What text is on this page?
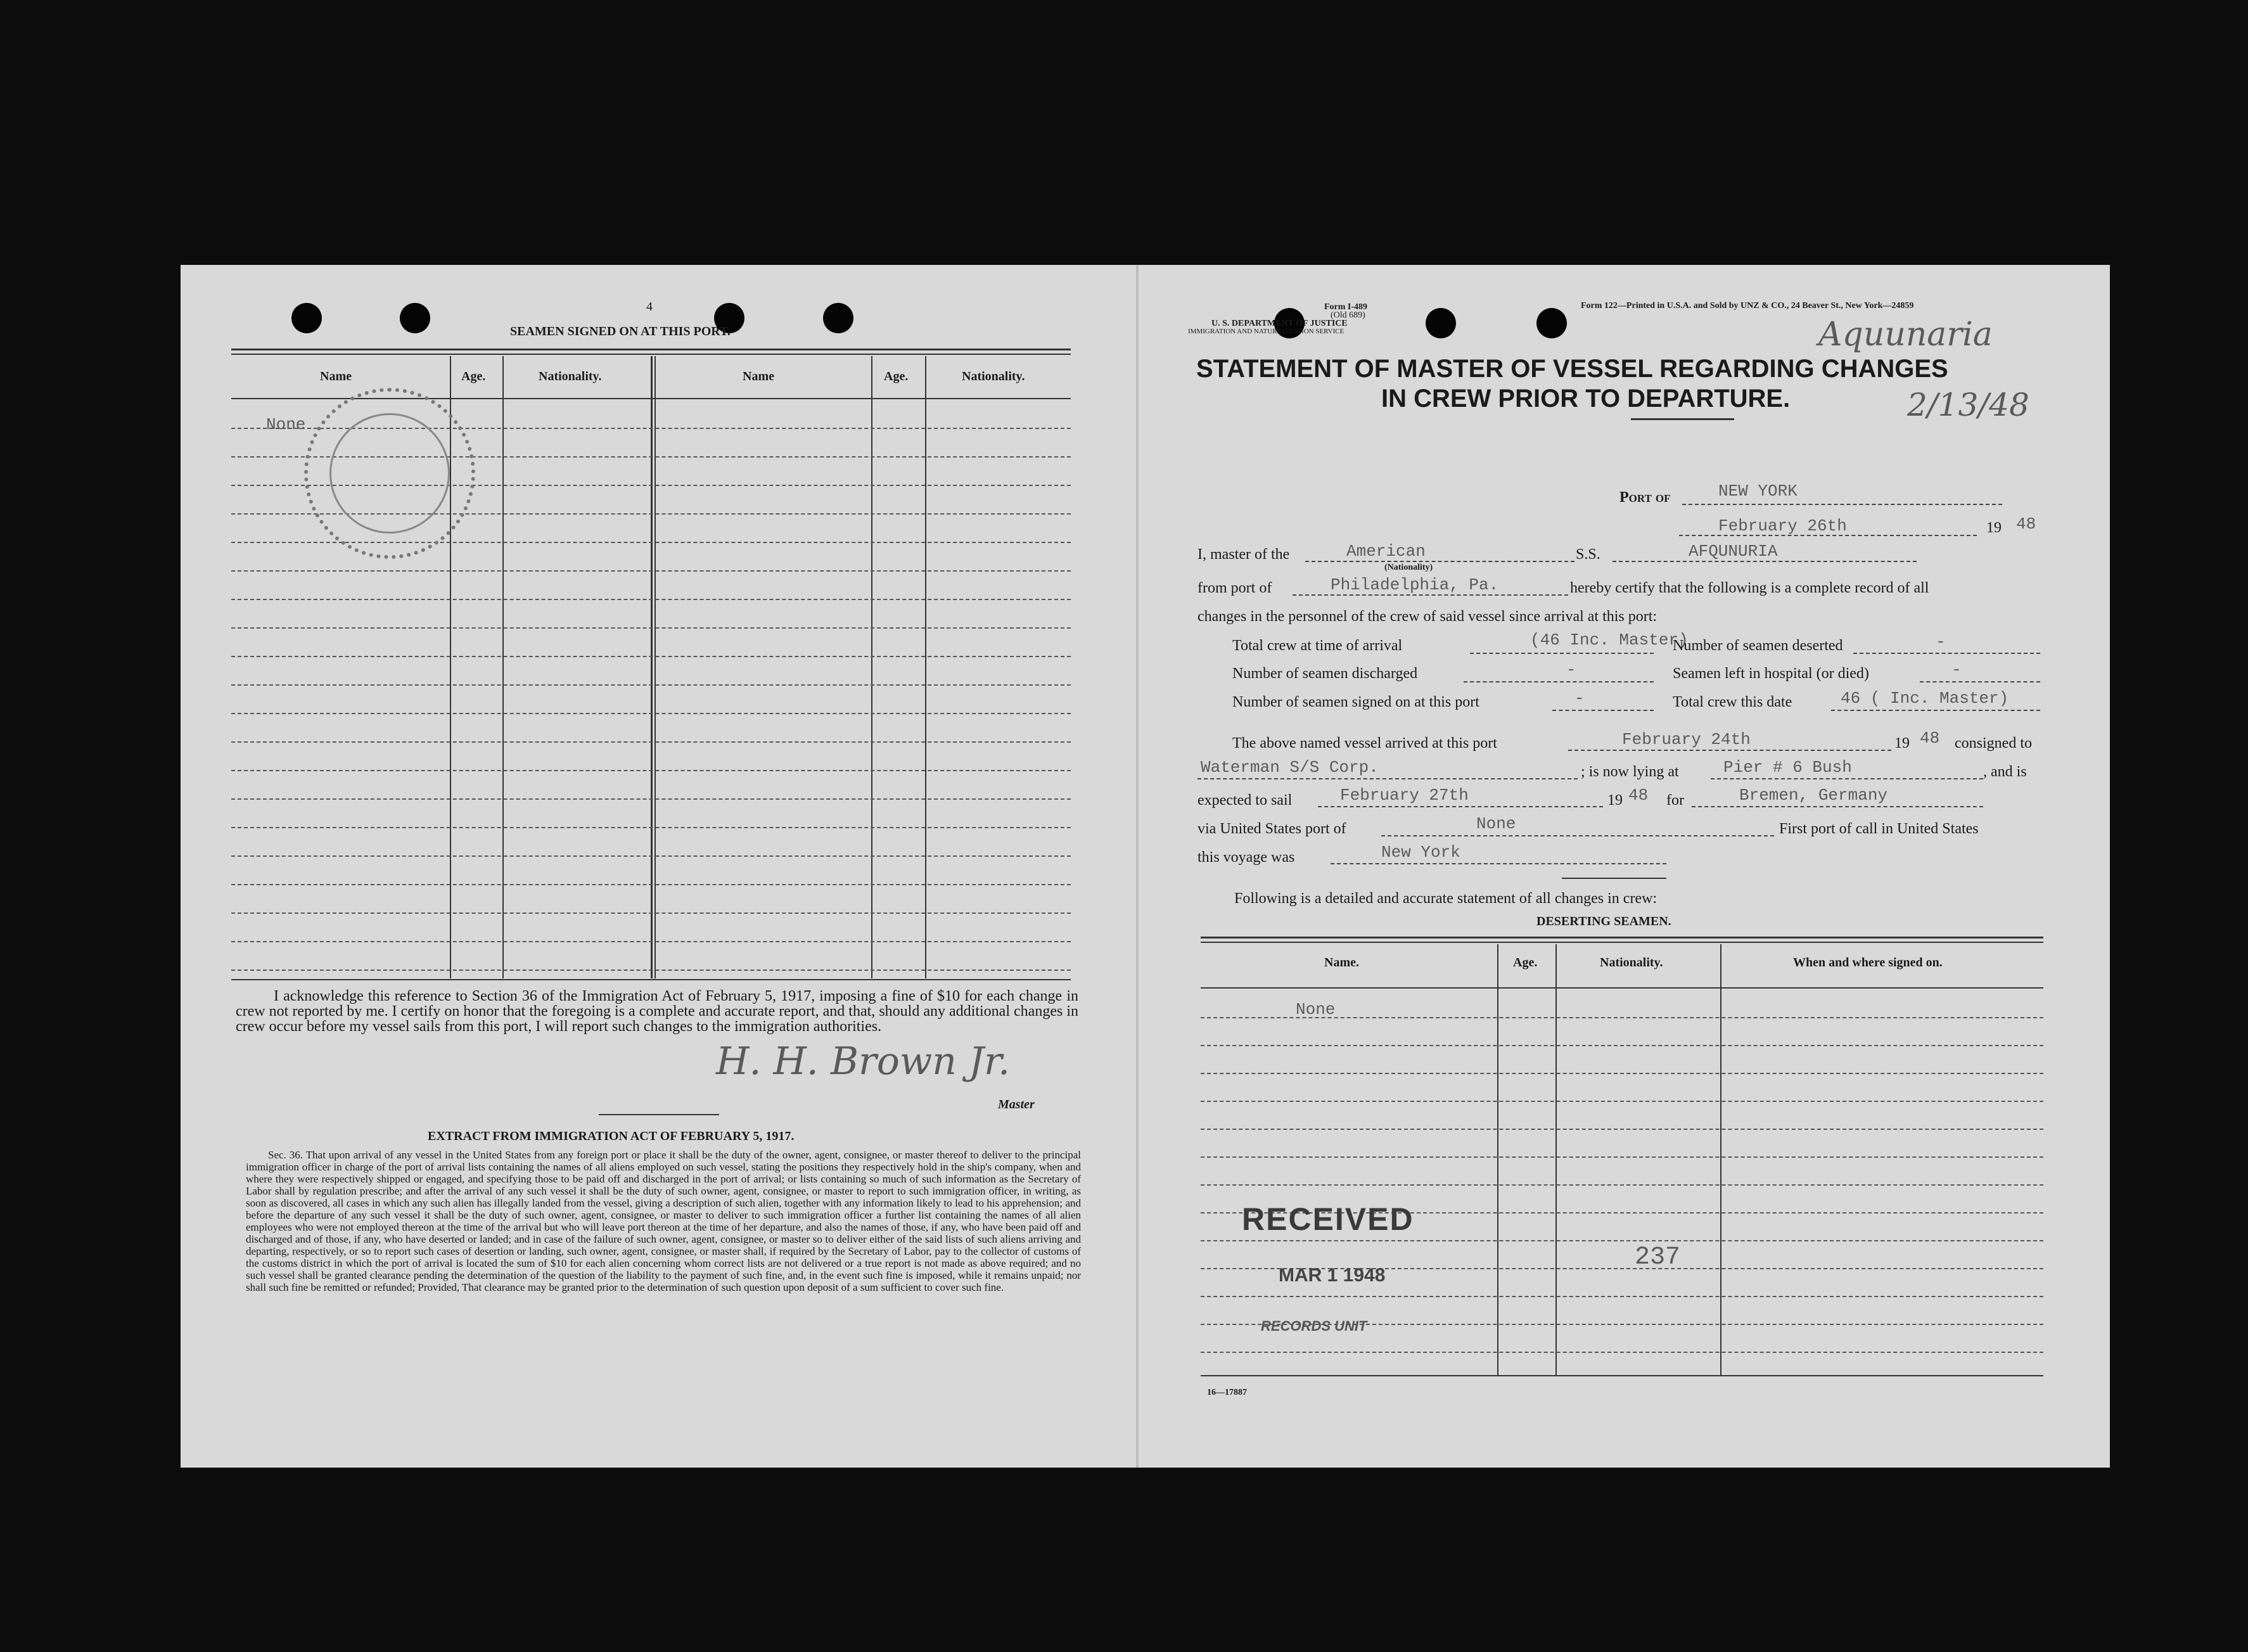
4
SEAMEN SIGNED ON AT THIS PORT.
Name	Age.	Nationality.	Name	Age.	Nationality.
None
I acknowledge this reference to Section 36 of the Immigration Act of February 5, 1917, imposing a fine of $10 for each change in crew not reported by me. I certify on honor that the foregoing is a complete and accurate report, and that, should any additional changes in crew occur before my vessel sails from this port, I will report such changes to the immigration authorities.
H. H. Brown Jr.
Master
EXTRACT FROM IMMIGRATION ACT OF FEBRUARY 5, 1917.
Sec. 36. That upon arrival of any vessel in the United States from any foreign port or place it shall be the duty of the owner, agent, consignee, or master thereof to deliver to the principal immigration officer in charge of the port of arrival lists containing the names of all aliens employed on such vessel, stating the positions they respectively hold in the ship's company, when and where they were respectively shipped or engaged, and specifying those to be paid off and discharged in the port of arrival; or lists containing so much of such information as the Secretary of Labor shall by regulation prescribe; and after the arrival of any such vessel it shall be the duty of such owner, agent, consignee, or master to report to such immigration officer, in writing, as soon as discovered, all cases in which any such alien has illegally landed from the vessel, giving a description of such alien, together with any information likely to lead to his apprehension; and before the departure of any such vessel it shall be the duty of such owner, agent, consignee, or master to deliver to such immigration officer a further list containing the names of all alien employees who were not employed thereon at the time of the arrival but who will leave port thereon at the time of her departure, and also the names of those, if any, who have been paid off and discharged and of those, if any, who have deserted or landed; and in case of the failure of such owner, agent, consignee, or master so to deliver either of the said lists of such aliens arriving and departing, respectively, or so to report such cases of desertion or landing, such owner, agent, consignee, or master shall, if required by the Secretary of Labor, pay to the collector of customs of the customs district in which the port of arrival is located the sum of $10 for each alien concerning whom correct lists are not delivered or a true report is not made as above required; and no such vessel shall be granted clearance pending the determination of the question of the liability to the payment of such fine, and, in the event such fine is imposed, while it remains unpaid; nor shall such fine be remitted or refunded; Provided, That clearance may be granted prior to the determination of such question upon deposit of a sum sufficient to cover such fine.
Form I-489
(Old 689)
U. S. DEPARTMENT OF JUSTICE
IMMIGRATION AND NATURALIZATION SERVICE
Form 122—Printed in U.S.A. and Sold by UNZ & CO., 24 Beaver St., New York—24859
Aquunaria
2/13/48
STATEMENT OF MASTER OF VESSEL REGARDING CHANGES
IN CREW PRIOR TO DEPARTURE.
Port of	NEW YORK
February 26th	19 48
I, master of the	American
(Nationality)
S.S.	AFQUNURIA
from port of	Philadelphia, Pa.	hereby certify that the following is a complete record of all
changes in the personnel of the crew of said vessel since arrival at this port:
Total crew at time of arrival	(46 Inc. Master)
Number of seamen deserted	-
Number of seamen discharged	-	Seamen left in hospital (or died)	-
Number of seamen signed on at this port	-	Total crew this date	46 ( Inc. Master)
The above named vessel arrived at this port	February 24th	19 48 consigned to
Waterman S/S Corp.	; is now lying at	Pier # 6 Bush	, and is
expected to sail	February 27th	19 48 for	Bremen, Germany
via United States port of	None	First port of call in United States
this voyage was	New York
Following is a detailed and accurate statement of all changes in crew:
DESERTING SEAMEN.
Name.	Age.	Nationality.	When and where signed on.
None
RECEIVED
MAR 1 1948
RECORDS UNIT
237
16—17887
